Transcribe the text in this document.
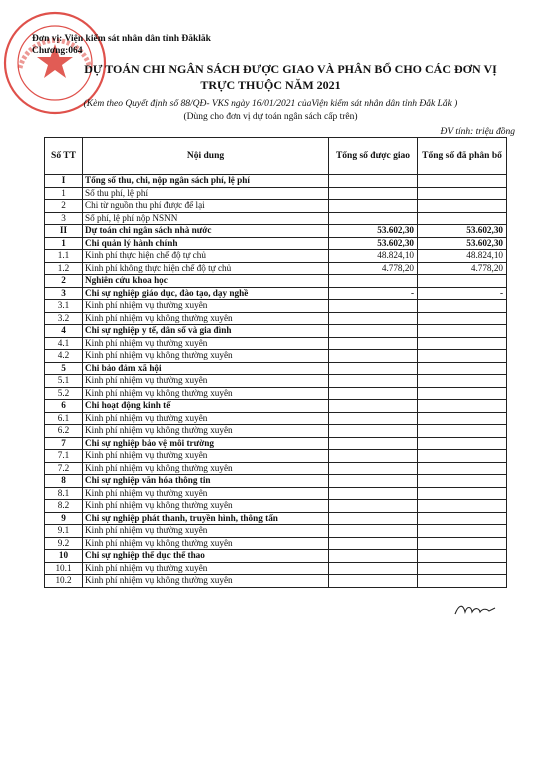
Đơn vị: Viện kiểm sát nhân dân tỉnh Đăklăk
Chương:064
DỰ TOÁN CHI NGÂN SÁCH ĐƯỢC GIAO VÀ PHÂN BỔ CHO CÁC ĐƠN VỊ
TRỰC THUỘC NĂM 2021
(Kèm theo Quyết định số 88/QĐ- VKS ngày 16/01/2021 củaViện kiểm sát nhân dân tỉnh Đắk Lắk )
(Dùng cho đơn vị dự toán ngân sách cấp trên)
ĐV tính: triệu đồng
Số TT	Nội dung	Tổng số được giao	Tổng số đã phân bổ
I	Tổng số thu, chi, nộp ngân sách phí, lệ phí		
1	Số thu phí, lệ phí		
2	Chi từ nguồn thu phí được để lại		
3	Số phí, lệ phí nộp NSNN		
II	Dự toán chi ngân sách nhà nước	53.602,30	53.602,30
1	Chi quản lý hành chính	53.602,30	53.602,30
1.1	Kinh phí thực hiện chế độ tự chủ	48.824,10	48.824,10
1.2	Kinh phí không thực hiện chế độ tự chủ	4.778,20	4.778,20
2	Nghiên cứu khoa học		
3	Chi sự nghiệp giáo dục, đào tạo, dạy nghề	-	-
3.1	Kinh phí nhiệm vụ thường xuyên		
3.2	Kinh phí nhiệm vụ không thường xuyên		
4	Chi sự nghiệp y tế, dân số và gia đình		
4.1	Kinh phí nhiệm vụ thường xuyên		
4.2	Kinh phí nhiệm vụ không thường xuyên		
5	Chi bảo đảm xã hội		
5.1	Kinh phí nhiệm vụ thường xuyên		
5.2	Kinh phí nhiệm vụ không thường xuyên		
6	Chi hoạt động kinh tế		
6.1	Kinh phí nhiệm vụ thường xuyên		
6.2	Kinh phí nhiệm vụ không thường xuyên		
7	Chi sự nghiệp bảo vệ môi trường		
7.1	Kinh phí nhiệm vụ thường xuyên		
7.2	Kinh phí nhiệm vụ không thường xuyên		
8	Chi sự nghiệp văn hóa thông tin		
8.1	Kinh phí nhiệm vụ thường xuyên		
8.2	Kinh phí nhiệm vụ không thường xuyên		
9	Chi sự nghiệp phát thanh, truyền hình, thông tấn		
9.1	Kinh phí nhiệm vụ thường xuyên		
9.2	Kinh phí nhiệm vụ không thường xuyên		
10	Chi sự nghiệp thể dục thể thao		
10.1	Kinh phí nhiệm vụ thường xuyên		
10.2	Kinh phí nhiệm vụ không thường xuyên		
